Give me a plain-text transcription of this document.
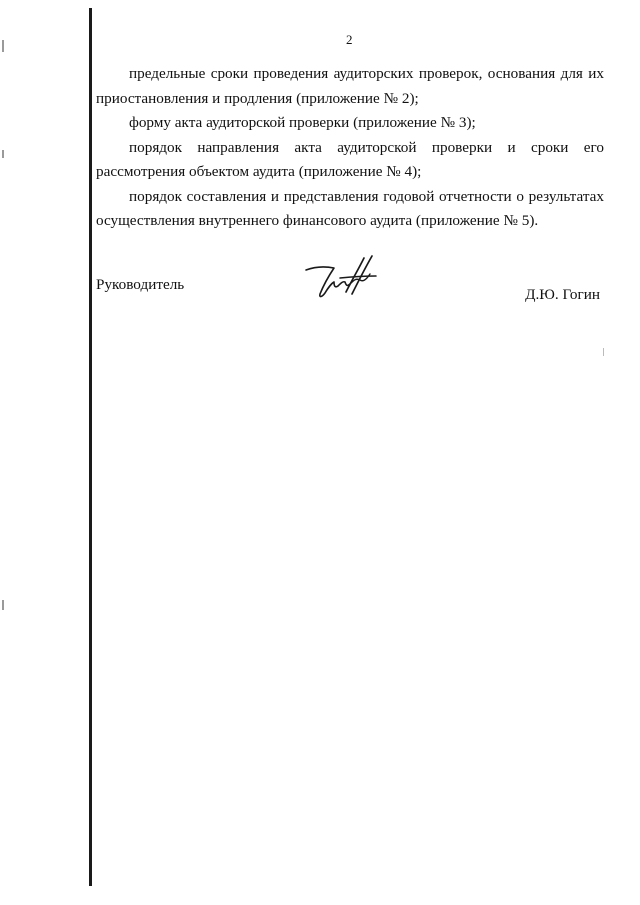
2

предельные сроки проведения аудиторских проверок, основания для их приостановления и продления (приложение № 2);

форму акта аудиторской проверки (приложение № 3);

порядок направления акта аудиторской проверки и сроки его рассмотрения объектом аудита (приложение № 4);

порядок составления и представления годовой отчетности о результатах осуществления внутреннего финансового аудита (приложение № 5).

Руководитель
Д.Ю. Гогин
